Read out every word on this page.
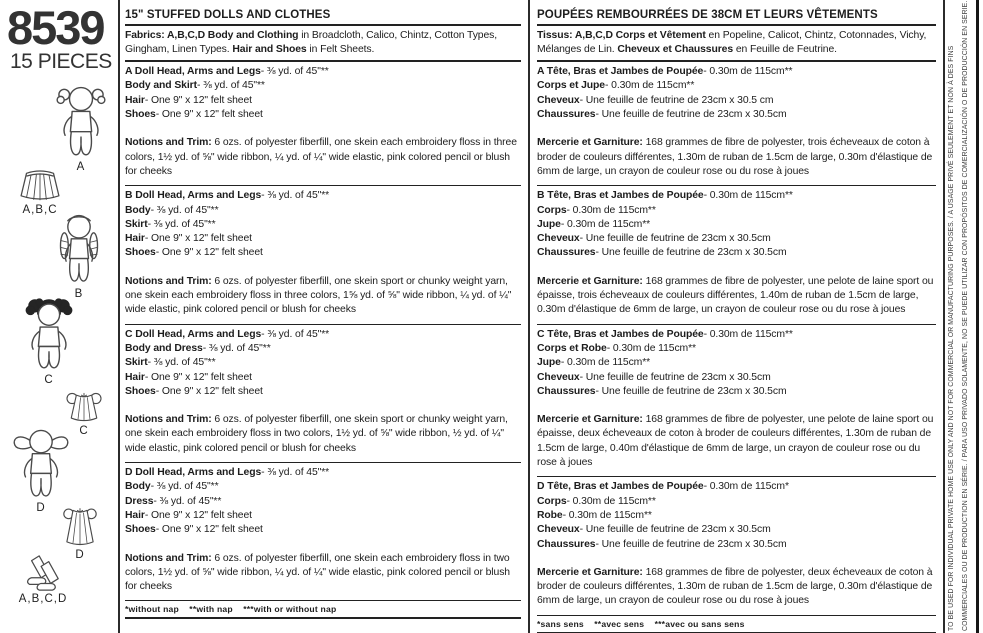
8539
15 PIECES
A
A,B,C
B
C
C
D
D
A,B,C,D
15" STUFFED DOLLS AND CLOTHES

Fabrics: A,B,C,D Body and Clothing in Broadcloth, Calico, Chintz, Cotton Types, Gingham, Linen Types. Hair and Shoes in Felt Sheets.

A Doll Head, Arms and Legs- ⅜ yd. of 45"**
Body and Skirt- ⅜ yd. of 45"**
Hair- One 9" x 12" felt sheet
Shoes- One 9" x 12" felt sheet

Notions and Trim: 6 ozs. of polyester fiberfill, one skein each embroidery floss in three colors, 1½ yd. of ⅝" wide ribbon, ¼ yd. of ¼" wide elastic, pink colored pencil or blush for cheeks

B Doll Head, Arms and Legs- ⅜ yd. of 45"**
Body- ⅜ yd. of 45"**
Skirt- ⅜ yd. of 45"**
Hair- One 9" x 12" felt sheet
Shoes- One 9" x 12" felt sheet

Notions and Trim: 6 ozs. of polyester fiberfill, one skein sport or chunky weight yarn, one skein each embroidery floss in three colors, 1⅝ yd. of ⅝" wide ribbon, ¼ yd. of ¼" wide elastic, pink colored pencil or blush for cheeks

C Doll Head, Arms and Legs- ⅜ yd. of 45"**
Body and Dress- ⅜ yd. of 45"**
Skirt- ⅜ yd. of 45"**
Hair- One 9" x 12" felt sheet
Shoes- One 9" x 12" felt sheet

Notions and Trim: 6 ozs. of polyester fiberfill, one skein sport or chunky weight yarn, one skein each embroidery floss in two colors, 1½ yd. of ⅝" wide ribbon, ½ yd. of ¼" wide elastic, pink colored pencil or blush for cheeks

D Doll Head, Arms and Legs- ⅜ yd. of 45"**
Body- ⅜ yd. of 45"**
Dress- ⅜ yd. of 45"**
Hair- One 9" x 12" felt sheet
Shoes- One 9" x 12" felt sheet

Notions and Trim: 6 ozs. of polyester fiberfill, one skein each embroidery floss in two colors, 1½ yd. of ⅝" wide ribbon, ¼ yd. of ¼" wide elastic, pink colored pencil or blush for cheeks

*without nap    **with nap    ***with or without nap
POUPÉES REMBOURRÉES DE 38CM ET LEURS VÊTEMENTS

Tissus: A,B,C,D Corps et Vêtement en Popeline, Calicot, Chintz, Cotonnades, Vichy, Mélanges de Lin. Cheveux et Chaussures en Feuille de Feutrine.

A Tête, Bras et Jambes de Poupée- 0.30m de 115cm**
Corps et Jupe- 0.30m de 115cm**
Cheveux- Une feuille de feutrine de 23cm x 30.5 cm
Chaussures- Une feuille de feutrine de 23cm x 30.5cm

Mercerie et Garniture: 168 grammes de fibre de polyester, trois écheveaux de coton à broder de couleurs différentes, 1.30m de ruban de 1.5cm de large, 0.30m d'élastique de 6mm de large, un crayon de couleur rose ou du rose à joues

B Tête, Bras et Jambes de Poupée- 0.30m de 115cm**
Corps- 0.30m de 115cm**
Jupe- 0.30m de 115cm**
Cheveux- Une feuille de feutrine de 23cm x 30.5cm
Chaussures- Une feuille de feutrine de 23cm x 30.5cm

Mercerie et Garniture: 168 grammes de fibre de polyester, une pelote de laine sport ou épaisse, trois écheveaux de couleurs différentes, 1.40m de ruban de 1.5cm de large, 0.30m d'élastique de 6mm de large, un crayon de couleur rose ou du rose à joues

C Tête, Bras et Jambes de Poupée- 0.30m de 115cm**
Corps et Robe- 0.30m de 115cm**
Jupe- 0.30m de 115cm**
Cheveux- Une feuille de feutrine de 23cm x 30.5cm
Chaussures- Une feuille de feutrine de 23cm x 30.5cm

Mercerie et Garniture: 168 grammes de fibre de polyester, une pelote de laine sport ou épaisse, deux écheveaux de coton à broder de couleurs différentes, 1.30m de ruban de 1.5cm de large, 0.40m d'élastique de 6mm de large, un crayon de couleur rose ou du rose à joues

D Tête, Bras et Jambes de Poupée- 0.30m de 115cm*
Corps- 0.30m de 115cm**
Robe- 0.30m de 115cm**
Cheveux- Une feuille de feutrine de 23cm x 30.5cm
Chaussures- Une feuille de feutrine de 23cm x 30.5cm

Mercerie et Garniture: 168 grammes de fibre de polyester, deux écheveaux de coton à broder de couleurs différentes, 1.30m de ruban de 1.5cm de large, 0.30m d'élastique de 6mm de large, un crayon de couleur rose ou du rose à joues

*sans sens    **avec sens    ***avec ou sans sens	TO BE USED FOR INDIVIDUAL PRIVATE HOME USE ONLY AND NOT FOR COMMERCIAL OR MANUFACTURING PURPOSES. / A USAGE PRIVÉ SEULEMENT ET NON À DES FINS COMMERCIALES OU DE PRODUCTION EN SÉRIE. / PARA USO PRIVADO SOLAMENTE, NO SE PUEDE UTILIZAR CON PROPÓSITOS DE COMERCIALIZACIÓN O DE PRODUCCIÓN EN SERIE.
